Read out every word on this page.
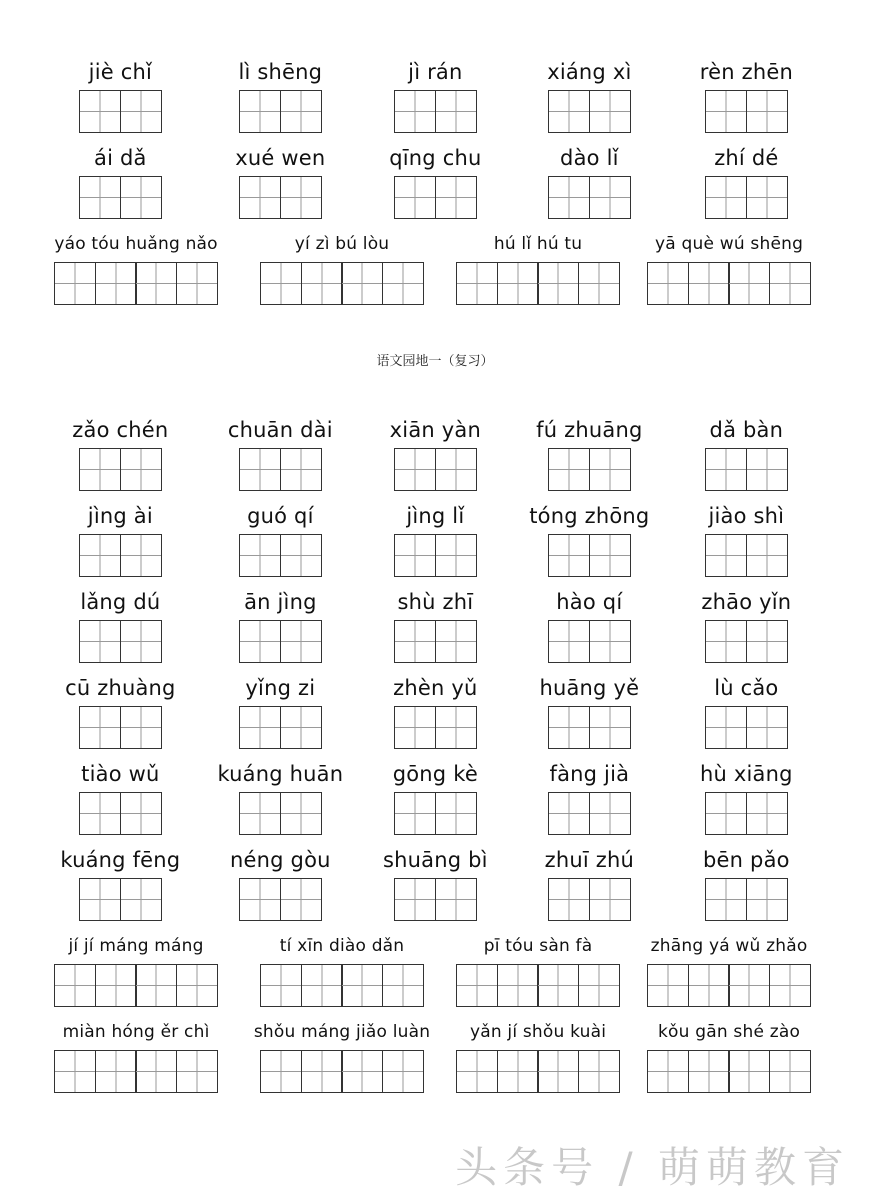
jiè chǐ	lì shēng	jì rán	xiáng xì	rèn zhēn
ái dǎ	xué wen	qīng chu	dào lǐ	zhí dé
yáo tóu huǎng nǎo	yí zì bú lòu	hú lǐ hú tu	yā què wú shēng
zǎo chén	chuān dài	xiān yàn	fú zhuāng	dǎ bàn
jìng ài	guó qí	jìng lǐ	tóng zhōng	jiào shì
lǎng dú	ān jìng	shù zhī	hào qí	zhāo yǐn
cū zhuàng	yǐng zi	zhèn yǔ	huāng yě	lù cǎo
tiào wǔ	kuáng huān	gōng kè	fàng jià	hù xiāng
kuáng fēng	néng gòu	shuāng bì	zhuī zhú	bēn pǎo
jí jí máng máng	tí xīn diào dǎn	pī tóu sàn fà	zhāng yá wǔ zhǎo
miàn hóng ěr chì	shǒu máng jiǎo luàn	yǎn jí shǒu kuài	kǒu gān shé zào
语文园地一（复习）
头条号 / 萌萌教育
